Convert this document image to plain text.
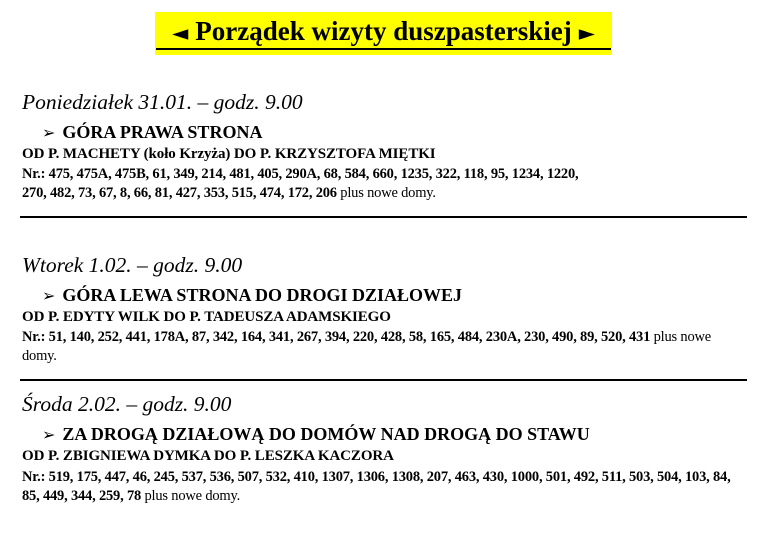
◄ Porządek wizyty duszpasterskiej ►
Poniedziałek 31.01. – godz. 9.00
➢ GÓRA PRAWA STRONA
OD P. MACHETY (koło Krzyża) DO P. KRZYSZTOFA MIĘTKI
Nr.: 475, 475A, 475B, 61, 349, 214, 481, 405, 290A, 68, 584, 660, 1235, 322, 118, 95, 1234, 1220,
270, 482, 73, 67, 8, 66, 81, 427, 353, 515, 474, 172, 206 plus nowe domy.
Wtorek 1.02. – godz. 9.00
➢ GÓRA LEWA STRONA DO DROGI DZIAŁOWEJ
OD P. EDYTY WILK DO P. TADEUSZA ADAMSKIEGO
Nr.: 51, 140, 252, 441, 178A, 87, 342, 164, 341, 267, 394, 220, 428, 58, 165, 484, 230A, 230, 490, 89, 520, 431 plus nowe
domy.
Środa 2.02. – godz. 9.00
➢ ZA DROGĄ DZIAŁOWĄ DO DOMÓW NAD DROGĄ DO STAWU
OD P. ZBIGNIEWA DYMKA DO P. LESZKA KACZORA
Nr.: 519, 175, 447, 46, 245, 537, 536, 507, 532, 410, 1307, 1306, 1308, 207, 463, 430, 1000, 501, 492, 511, 503, 504, 103, 84,
85, 449, 344, 259, 78 plus nowe domy.
